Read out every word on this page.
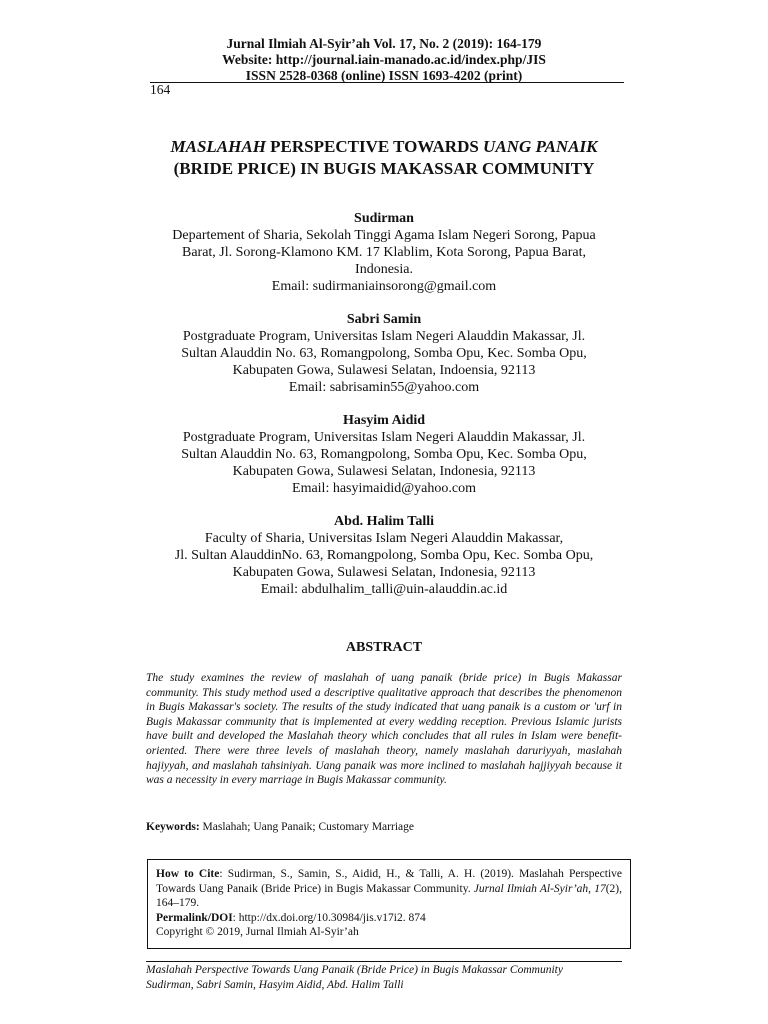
Jurnal Ilmiah Al-Syir’ah Vol. 17, No. 2 (2019): 164-179
Website: http://journal.iain-manado.ac.id/index.php/JIS
ISSN 2528-0368 (online) ISSN 1693-4202 (print)
164
MASLAHAH PERSPECTIVE TOWARDS UANG PANAIK
(BRIDE PRICE) IN BUGIS MAKASSAR COMMUNITY
Sudirman
Departement of Sharia, Sekolah Tinggi Agama Islam Negeri Sorong, Papua
Barat, Jl. Sorong-Klamono KM. 17 Klablim, Kota Sorong, Papua Barat,
Indonesia.
Email: sudirmaniainsorong@gmail.com
Sabri Samin
Postgraduate Program, Universitas Islam Negeri Alauddin Makassar, Jl.
Sultan Alauddin No. 63, Romangpolong, Somba Opu, Kec. Somba Opu,
Kabupaten Gowa, Sulawesi Selatan, Indoensia, 92113
Email: sabrisamin55@yahoo.com
Hasyim Aidid
Postgraduate Program, Universitas Islam Negeri Alauddin Makassar, Jl.
Sultan Alauddin No. 63, Romangpolong, Somba Opu, Kec. Somba Opu,
Kabupaten Gowa, Sulawesi Selatan, Indonesia, 92113
Email: hasyimaidid@yahoo.com
Abd. Halim Talli
Faculty of Sharia, Universitas Islam Negeri Alauddin Makassar,
Jl. Sultan AlauddinNo. 63, Romangpolong, Somba Opu, Kec. Somba Opu,
Kabupaten Gowa, Sulawesi Selatan, Indonesia, 92113
Email: abdulhalim_talli@uin-alauddin.ac.id
ABSTRACT
The study examines the review of maslahah of uang panaik (bride price) in Bugis Makassar community. This study method used a descriptive qualitative approach that describes the phenomenon in Bugis Makassar's society. The results of the study indicated that uang panaik is a custom or 'urf in Bugis Makassar community that is implemented at every wedding reception. Previous Islamic jurists have built and developed the Maslahah theory which concludes that all rules in Islam were benefit-oriented. There were three levels of maslahah theory, namely maslahah daruriyyah, maslahah hajiyyah, and maslahah tahsiniyah. Uang panaik was more inclined to maslahah hajjiyyah because it was a necessity in every marriage in Bugis Makassar community.
Keywords: Maslahah; Uang Panaik; Customary Marriage
How to Cite: Sudirman, S., Samin, S., Aidid, H., & Talli, A. H. (2019). Maslahah Perspective Towards Uang Panaik (Bride Price) in Bugis Makassar Community. Jurnal Ilmiah Al-Syir’ah, 17(2), 164–179.
Permalink/DOI: http://dx.doi.org/10.30984/jis.v17i2. 874
Copyright © 2019, Jurnal Ilmiah Al-Syir’ah
Maslahah Perspective Towards Uang Panaik (Bride Price) in Bugis Makassar Community
Sudirman, Sabri Samin, Hasyim Aidid, Abd. Halim Talli
